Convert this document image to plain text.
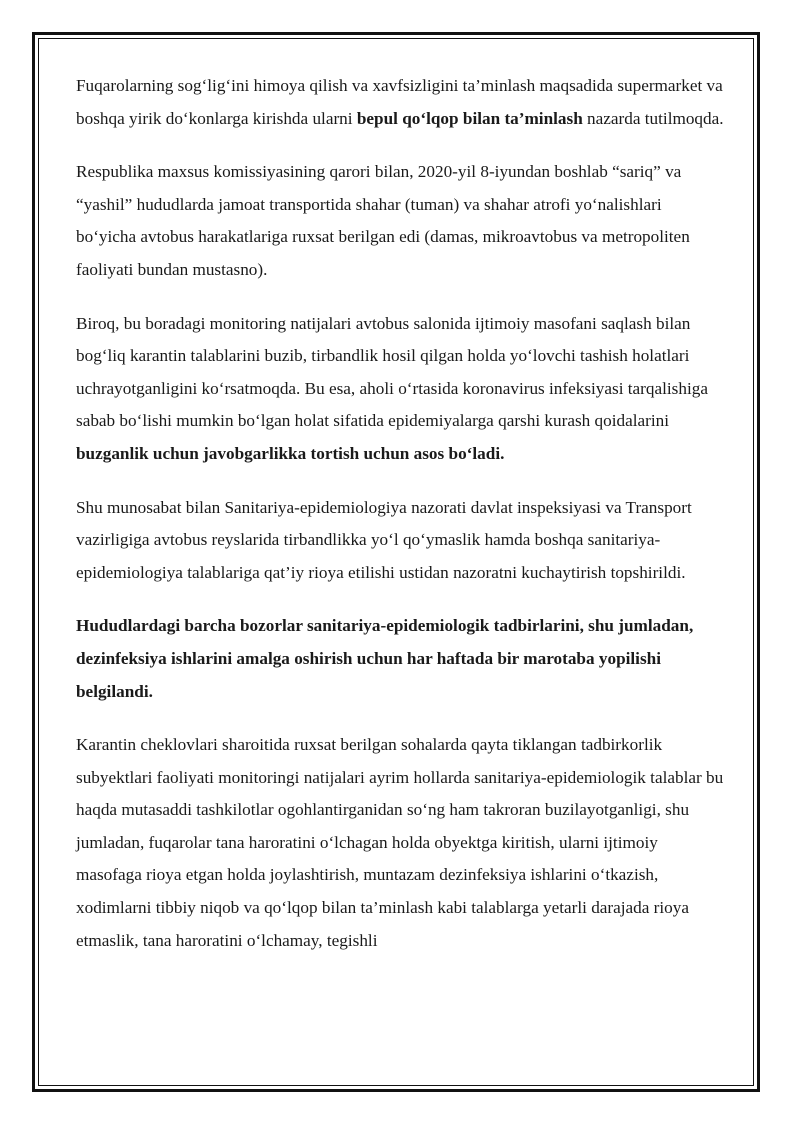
Fuqarolarning sog‘lig‘ini himoya qilish va xavfsizligini ta’minlash maqsadida supermarket va boshqa yirik do‘konlarga kirishda ularni bepul qo‘lqop bilan ta’minlash nazarda tutilmoqda.

Respublika maxsus komissiyasining qarori bilan, 2020-yil 8-iyundan boshlab “sariq” va “yashil” hududlarda jamoat transportida shahar (tuman) va shahar atrofi yo‘nalishlari bo‘yicha avtobus harakatlariga ruxsat berilgan edi (damas, mikroavtobus va metropoliten faoliyati bundan mustasno).

Biroq, bu boradagi monitoring natijalari avtobus salonida ijtimoiy masofani saqlash bilan bog‘liq karantin talablarini buzib, tirbandlik hosil qilgan holda yo‘lovchi tashish holatlari uchrayotganligini ko‘rsatmoqda. Bu esa, aholi o‘rtasida koronavirus infeksiyasi tarqalishiga sabab bo‘lishi mumkin bo‘lgan holat sifatida epidemiyalarga qarshi kurash qoidalarini buzganlik uchun javobgarlikka tortish uchun asos bo‘ladi.

Shu munosabat bilan Sanitariya-epidemiologiya nazorati davlat inspeksiyasi va Transport vazirligiga avtobus reyslarida tirbandlikka yo‘l qo‘ymaslik hamda boshqa sanitariya-epidemiologiya talablariga qat’iy rioya etilishi ustidan nazoratni kuchaytirish topshirildi.

Hududlardagi barcha bozorlar sanitariya-epidemiologik tadbirlarini, shu jumladan, dezinfeksiya ishlarini amalga oshirish uchun har haftada bir marotaba yopilishi belgilandi.

Karantin cheklovlari sharoitida ruxsat berilgan sohalarda qayta tiklangan tadbirkorlik subyektlari faoliyati monitoringi natijalari ayrim hollarda sanitariya-epidemiologik talablar bu haqda mutasaddi tashkilotlar ogohlantirganidan so‘ng ham takroran buzilayotganligi, shu jumladan, fuqarolar tana haroratini o‘lchagan holda obyektga kiritish, ularni ijtimoiy masofaga rioya etgan holda joylashtirish, muntazam dezinfeksiya ishlarini o‘tkazish, xodimlarni tibbiy niqob va qo‘lqop bilan ta’minlash kabi talablarga yetarli darajada rioya etmaslik, tana haroratini o‘lchamay, tegishli
